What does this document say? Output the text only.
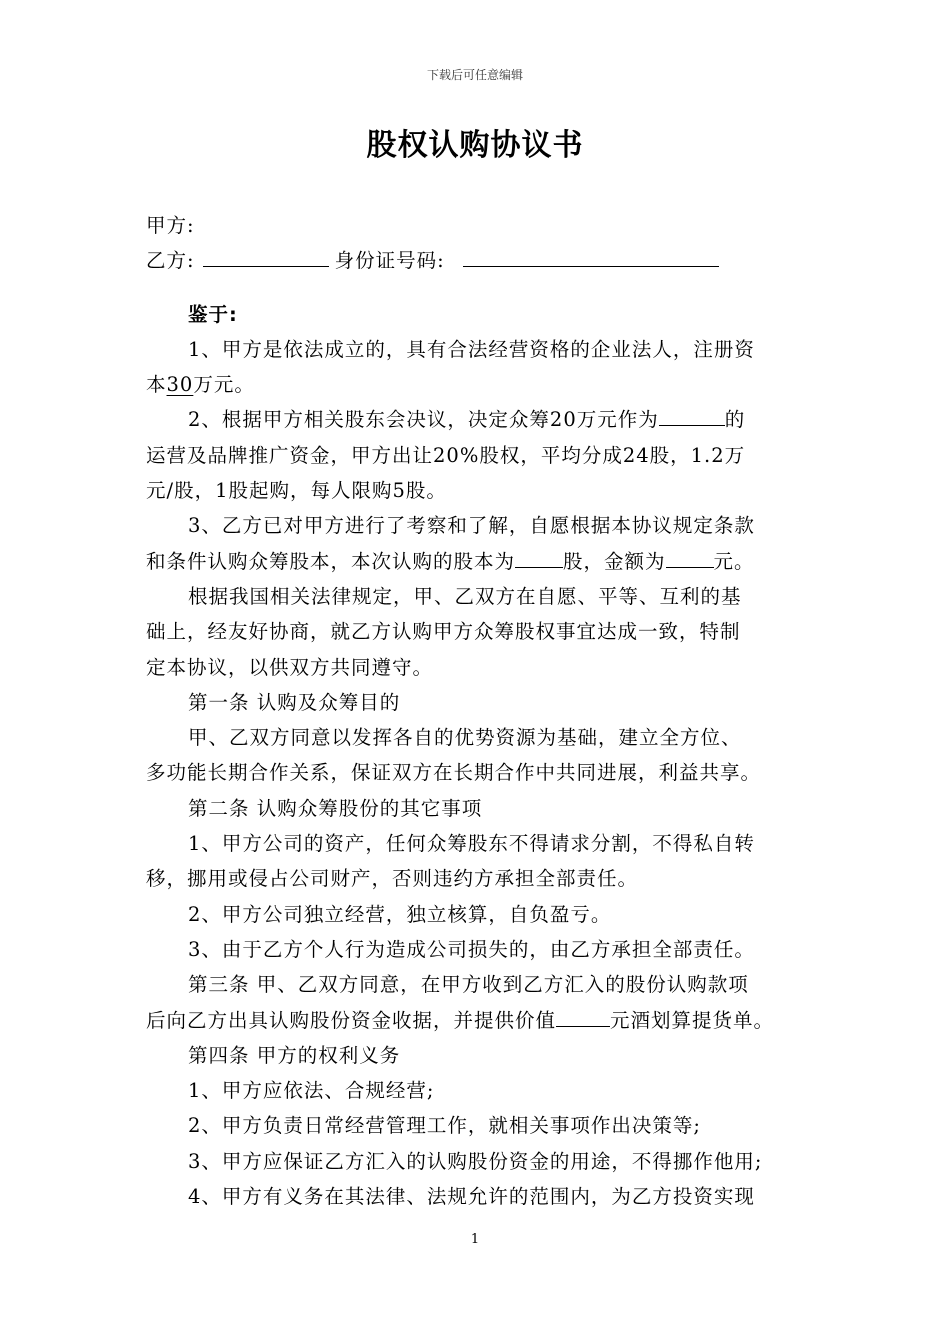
下载后可任意编辑
股权认购协议书
甲方:
乙方:	身份证号码:
鉴于:
1、甲方是依法成立的，具有合法经营资格的企业法人，注册资
本30万元。
2、根据甲方相关股东会决议，决定众筹20万元作为	的
运营及品牌推广资金，甲方出让20%股权，平均分成24股，1.2万
元/股，1股起购，每人限购5股。
3、乙方已对甲方进行了考察和了解，自愿根据本协议规定条款
和条件认购众筹股本，本次认购的股本为 股，金额为 元。
根据我国相关法律规定，甲、乙双方在自愿、平等、互利的基
础上，经友好协商，就乙方认购甲方众筹股权事宜达成一致，特制
定本协议，以供双方共同遵守。
第一条 认购及众筹目的
甲、乙双方同意以发挥各自的优势资源为基础，建立全方位、
多功能长期合作关系，保证双方在长期合作中共同进展，利益共享。
第二条 认购众筹股份的其它事项
1、甲方公司的资产，任何众筹股东不得请求分割，不得私自转
移，挪用或侵占公司财产，否则违约方承担全部责任。
2、甲方公司独立经营，独立核算，自负盈亏。
3、由于乙方个人行为造成公司损失的，由乙方承担全部责任。
第三条 甲、乙双方同意，在甲方收到乙方汇入的股份认购款项
后向乙方出具认购股份资金收据，并提供价值	元酒划算提货单。
第四条 甲方的权利义务
1、甲方应依法、合规经营;
2、甲方负责日常经营管理工作，就相关事项作出决策等;
3、甲方应保证乙方汇入的认购股份资金的用途，不得挪作他用;
4、甲方有义务在其法律、法规允许的范围内，为乙方投资实现
1
